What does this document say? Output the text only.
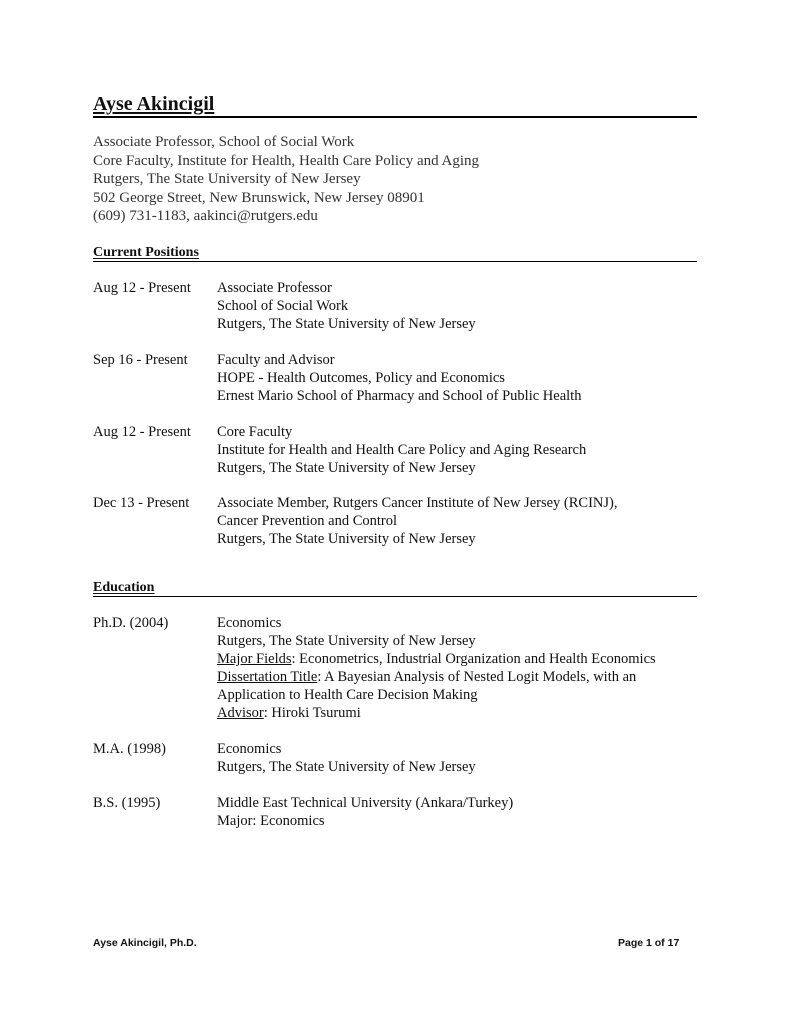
Ayse Akincigil
Associate Professor, School of Social Work
Core Faculty, Institute for Health, Health Care Policy and Aging
Rutgers, The State University of New Jersey
502 George Street, New Brunswick, New Jersey 08901
(609) 731-1183, aakinci@rutgers.edu
Current Positions
Aug 12 - Present	Associate Professor
School of Social Work
Rutgers, The State University of New Jersey
Sep 16 - Present	Faculty and Advisor
HOPE - Health Outcomes, Policy and Economics
Ernest Mario School of Pharmacy and School of Public Health
Aug 12 - Present	Core Faculty
Institute for Health and Health Care Policy and Aging Research
Rutgers, The State University of New Jersey
Dec 13 - Present	Associate Member, Rutgers Cancer Institute of New Jersey (RCINJ),
Cancer Prevention and Control
Rutgers, The State University of New Jersey
Education
Ph.D. (2004)	Economics
Rutgers, The State University of New Jersey
Major Fields: Econometrics, Industrial Organization and Health Economics
Dissertation Title: A Bayesian Analysis of Nested Logit Models, with an
Application to Health Care Decision Making
Advisor: Hiroki Tsurumi
M.A. (1998)	Economics
Rutgers, The State University of New Jersey
B.S. (1995)	Middle East Technical University (Ankara/Turkey)
Major: Economics
Ayse Akincigil, Ph.D.	Page 1 of 17
